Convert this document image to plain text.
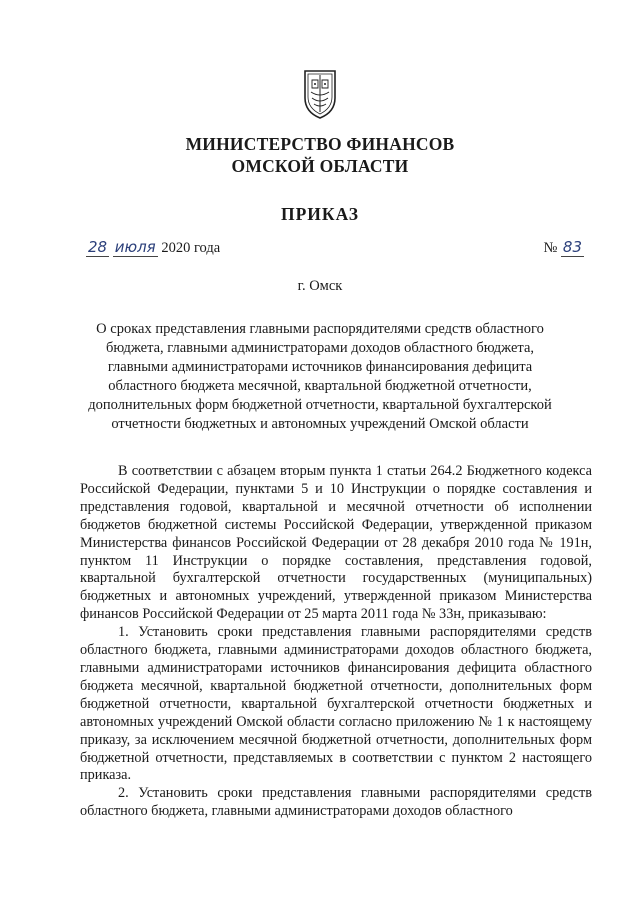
МИНИСТЕРСТВО ФИНАНСОВ
ОМСКОЙ ОБЛАСТИ
ПРИКАЗ
28 июля 2020 года	№ 83
г. Омск
О сроках представления главными распорядителями средств областного
бюджета, главными администраторами доходов областного бюджета,
главными администраторами источников финансирования дефицита
областного бюджета месячной, квартальной бюджетной отчетности,
дополнительных форм бюджетной отчетности, квартальной бухгалтерской
отчетности бюджетных и автономных учреждений Омской области

В соответствии с абзацем вторым пункта 1 статьи 264.2 Бюджетного кодекса Российской Федерации, пунктами 5 и 10 Инструкции о порядке составления и представления годовой, квартальной и месячной отчетности об исполнении бюджетов бюджетной системы Российской Федерации, утвержденной приказом Министерства финансов Российской Федерации от 28 декабря 2010 года № 191н, пунктом 11 Инструкции о порядке составления, представления годовой, квартальной бухгалтерской отчетности государственных (муниципальных) бюджетных и автономных учреждений, утвержденной приказом Министерства финансов Российской Федерации от 25 марта 2011 года № 33н, приказываю:

1. Установить сроки представления главными распорядителями средств областного бюджета, главными администраторами доходов областного бюджета, главными администраторами источников финансирования дефицита областного бюджета месячной, квартальной бюджетной отчетности, дополнительных форм бюджетной отчетности, квартальной бухгалтерской отчетности бюджетных и автономных учреждений Омской области согласно приложению № 1 к настоящему приказу, за исключением месячной бюджетной отчетности, дополнительных форм бюджетной отчетности, представляемых в соответствии с пунктом 2 настоящего приказа.

2. Установить сроки представления главными распорядителями средств областного бюджета, главными администраторами доходов областного
